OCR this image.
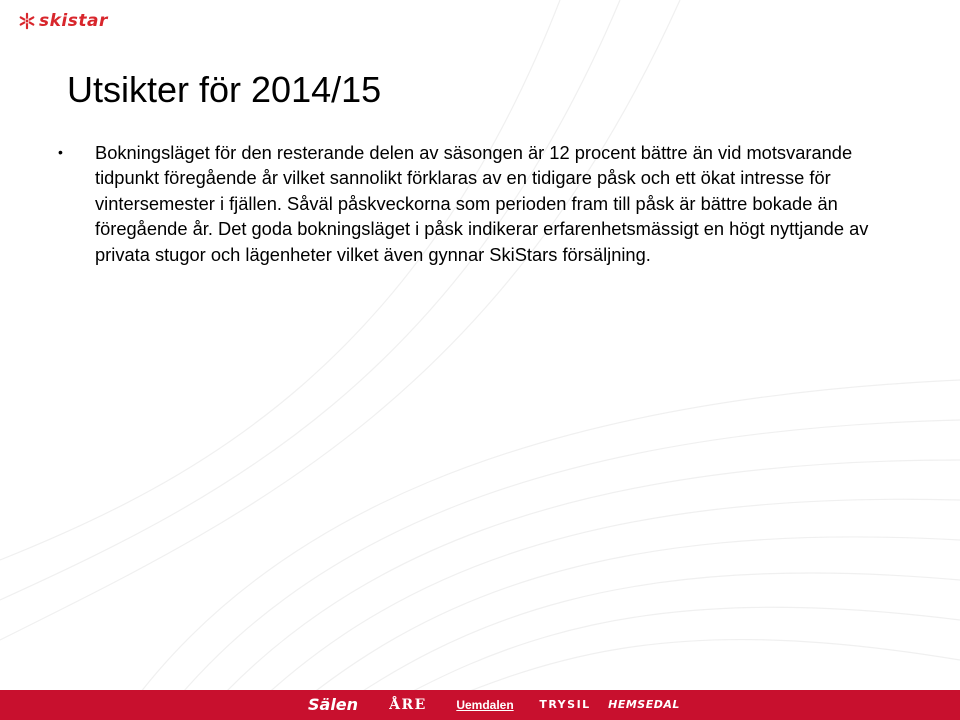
skistar
Utsikter för 2014/15
•	Bokningsläget för den resterande delen av säsongen är 12 procent bättre än vid motsvarande tidpunkt föregående år vilket sannolikt förklaras av en tidigare påsk och ett ökat intresse för vintersemester i fjällen. Såväl påskveckorna som perioden fram till påsk är bättre bokade än föregående år. Det goda bokningsläget i påsk indikerar erfarenhetsmässigt en högt nyttjande av privata stugor och lägenheter vilket även gynnar SkiStars försäljning.
Sälen	ÅRE	Uemdalen	TRYSIL	HEMSEDAL
